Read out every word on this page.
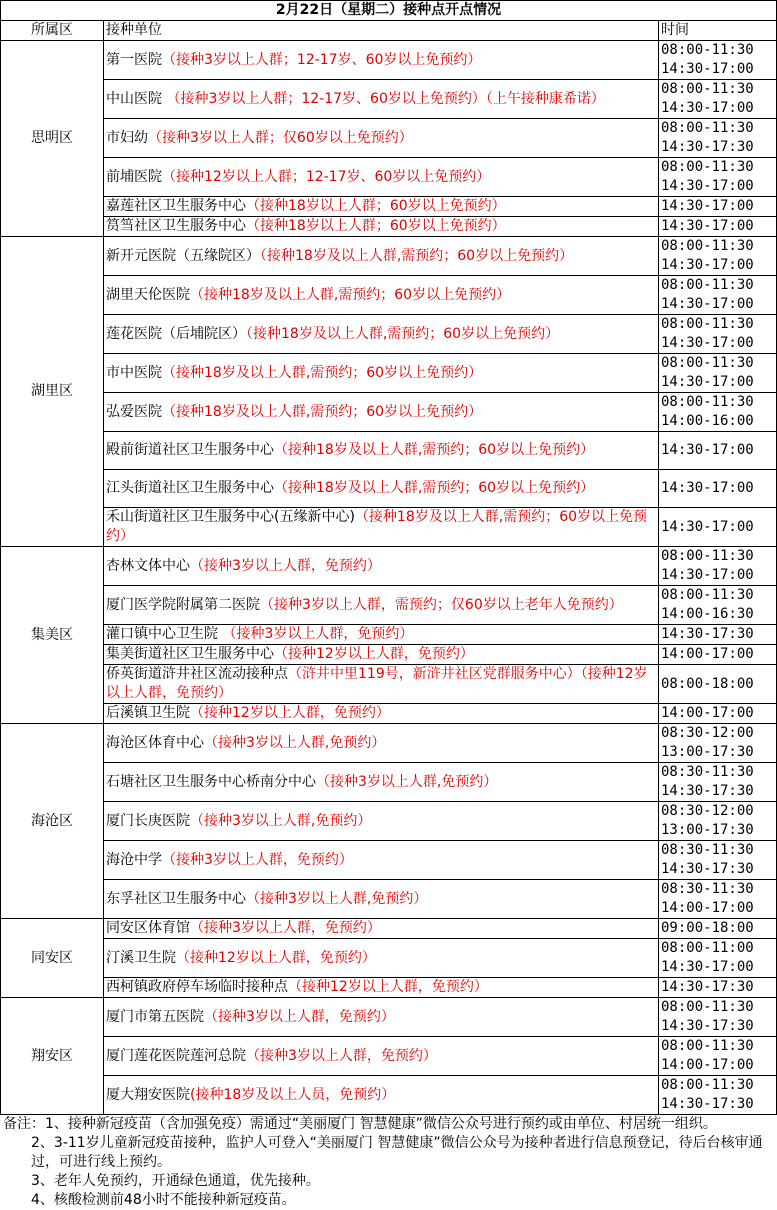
2月22日（星期二）接种点开点情况		
所属区	接种单位	时间
思明区	第一医院（接种3岁以上人群；12-17岁、60岁以上免预约）	08:00-11:30
14:30-17:00

	中山医院 （接种3岁以上人群；12-17岁、60岁以上免预约）（上午接种康希诺）	08:00-11:30
14:30-17:00

	市妇幼（接种3岁以上人群；仅60岁以上免预约）	08:00-11:30
14:30-17:30

	前埔医院（接种12岁以上人群；12-17岁、60岁以上免预约）	08:00-11:30
14:30-17:00

	嘉莲社区卫生服务中心（接种18岁以上人群；60岁以上免预约）	14:30-17:00

	筼筜社区卫生服务中心（接种18岁以上人群；60岁以上免预约）	14:30-17:00

湖里区	新开元医院（五缘院区）（接种18岁及以上人群,需预约；60岁以上免预约）	08:00-11:30
14:30-17:00

	湖里天伦医院（接种18岁及以上人群,需预约；60岁以上免预约）	08:00-11:30
14:30-17:00

	莲花医院（后埔院区）（接种18岁及以上人群,需预约；60岁以上免预约）	08:00-11:30
14:30-17:00

	市中医院（接种18岁及以上人群,需预约；60岁以上免预约）	08:00-11:30
14:30-17:00

	弘爱医院（接种18岁及以上人群,需预约；60岁以上免预约）	08:00-11:30
14:00-16:00

	殿前街道社区卫生服务中心（接种18岁及以上人群,需预约；60岁以上免预约）	14:30-17:00

	江头街道社区卫生服务中心（接种18岁及以上人群,需预约；60岁以上免预约）	14:30-17:00

	禾山街道社区卫生服务中心(五缘新中心)（接种18岁及以上人群,需预约；60岁以上免预约）	14:30-17:00

集美区	杏林文体中心（接种3岁以上人群，免预约）	08:00-11:30
14:30-17:00

	厦门医学院附属第二医院（接种3岁以上人群，需预约；仅60岁以上老年人免预约）	08:00-11:30
14:00-16:30

	灌口镇中心卫生院 （接种3岁以上人群，免预约）	14:30-17:30

	集美街道社区卫生服务中心（接种12岁以上人群，免预约）	14:00-17:00

	侨英街道浒井社区流动接种点（浒井中里119号，新浒井社区党群服务中心）（接种12岁以上人群，免预约）	08:00-18:00

	后溪镇卫生院（接种12岁以上人群，免预约）	14:00-17:00

海沧区	海沧区体育中心（接种3岁以上人群,免预约）	08:30-12:00
13:00-17:30

	石塘社区卫生服务中心桥南分中心（接种3岁以上人群,免预约）	08:30-11:30
14:30-17:30

	厦门长庚医院（接种3岁以上人群,免预约）	08:30-12:00
13:00-17:30

	海沧中学（接种3岁以上人群，免预约）	08:30-11:30
14:30-17:30

	东孚社区卫生服务中心（接种3岁以上人群,免预约）	08:30-11:30
14:00-17:00

同安区	同安区体育馆（接种3岁以上人群，免预约）	09:00-18:00

	汀溪卫生院（接种12岁以上人群，免预约）	08:00-11:00
14:30-17:00

	西柯镇政府停车场临时接种点（接种12岁以上人群，免预约）	14:30-17:30

翔安区	厦门市第五医院（接种3岁以上人群，免预约）	08:00-11:30
14:30-17:30

	厦门莲花医院莲河总院（接种3岁以上人群，免预约）	08:00-11:30
14:00-17:00

	厦大翔安医院(接种18岁及以上人员，免预约）	08:00-11:30
14:30-17:30
备注：1、接种新冠疫苗（含加强免疫）需通过“美丽厦门 智慧健康”微信公众号进行预约或由单位、村居统一组织。
2、3-11岁儿童新冠疫苗接种，监护人可登入“美丽厦门 智慧健康”微信公众号为接种者进行信息预登记，待后台核审通过，可进行线上预约。
3、老年人免预约，开通绿色通道，优先接种。
4、核酸检测前48小时不能接种新冠疫苗。
